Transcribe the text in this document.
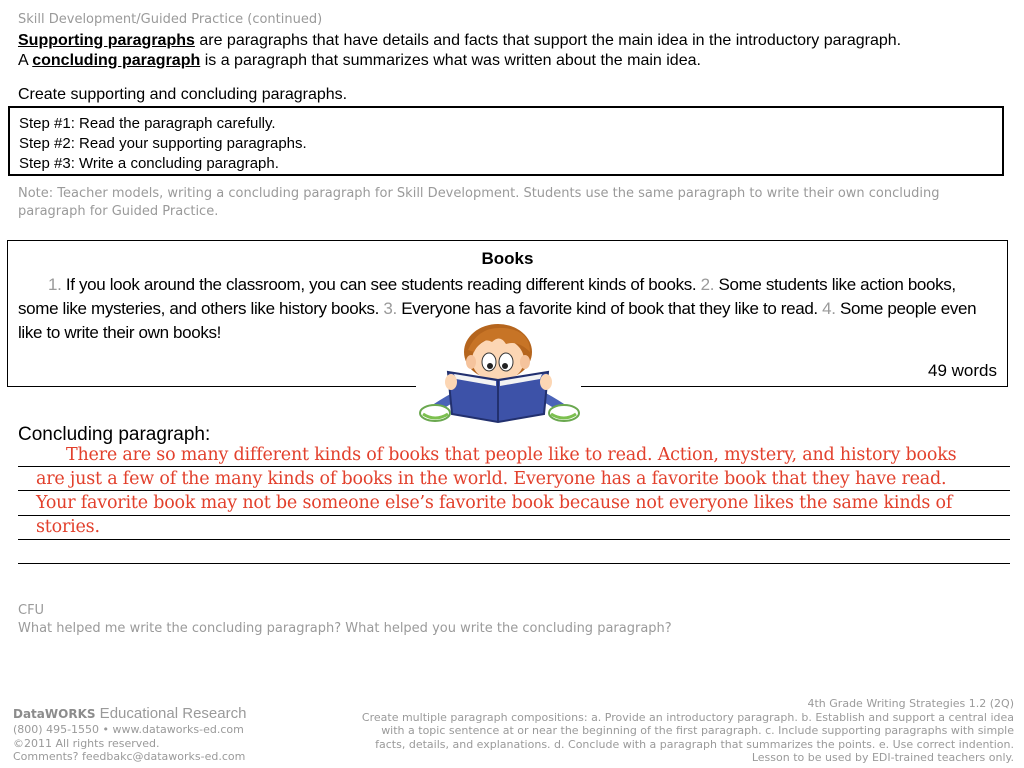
Skill Development/Guided Practice (continued)
Supporting paragraphs are paragraphs that have details and facts that support the main idea in the introductory paragraph.
A concluding paragraph is a paragraph that summarizes what was written about the main idea.
Create supporting and concluding paragraphs.
Step #1: Read the paragraph carefully.
Step #2: Read your supporting paragraphs.
Step #3: Write a concluding paragraph.
Note: Teacher models, writing a concluding paragraph for Skill Development. Students use the same paragraph to write their own concluding paragraph for Guided Practice.
Books
1. If you look around the classroom, you can see students reading different kinds of books. 2. Some students like action books, some like mysteries, and others like history books. 3. Everyone has a favorite kind of book that they like to read. 4. Some people even like to write their own books!
49 words
Concluding paragraph:
There are so many different kinds of books that people like to read. Action, mystery, and history books are just a few of the many kinds of books in the world. Everyone has a favorite book that they have read. Your favorite book may not be someone else’s favorite book because not everyone likes the same kinds of stories.
CFU
What helped me write the concluding paragraph? What helped you write the concluding paragraph?
DataWORKS Educational Research
(800) 495-1550 • www.dataworks-ed.com
©2011 All rights reserved.
Comments? feedbakc@dataworks-ed.com
4th Grade Writing Strategies 1.2 (2Q)
Create multiple paragraph compositions: a. Provide an introductory paragraph. b. Establish and support a central idea
with a topic sentence at or near the beginning of the first paragraph. c. Include supporting paragraphs with simple
facts, details, and explanations. d. Conclude with a paragraph that summarizes the points. e. Use correct indention.
Lesson to be used by EDI-trained teachers only.
